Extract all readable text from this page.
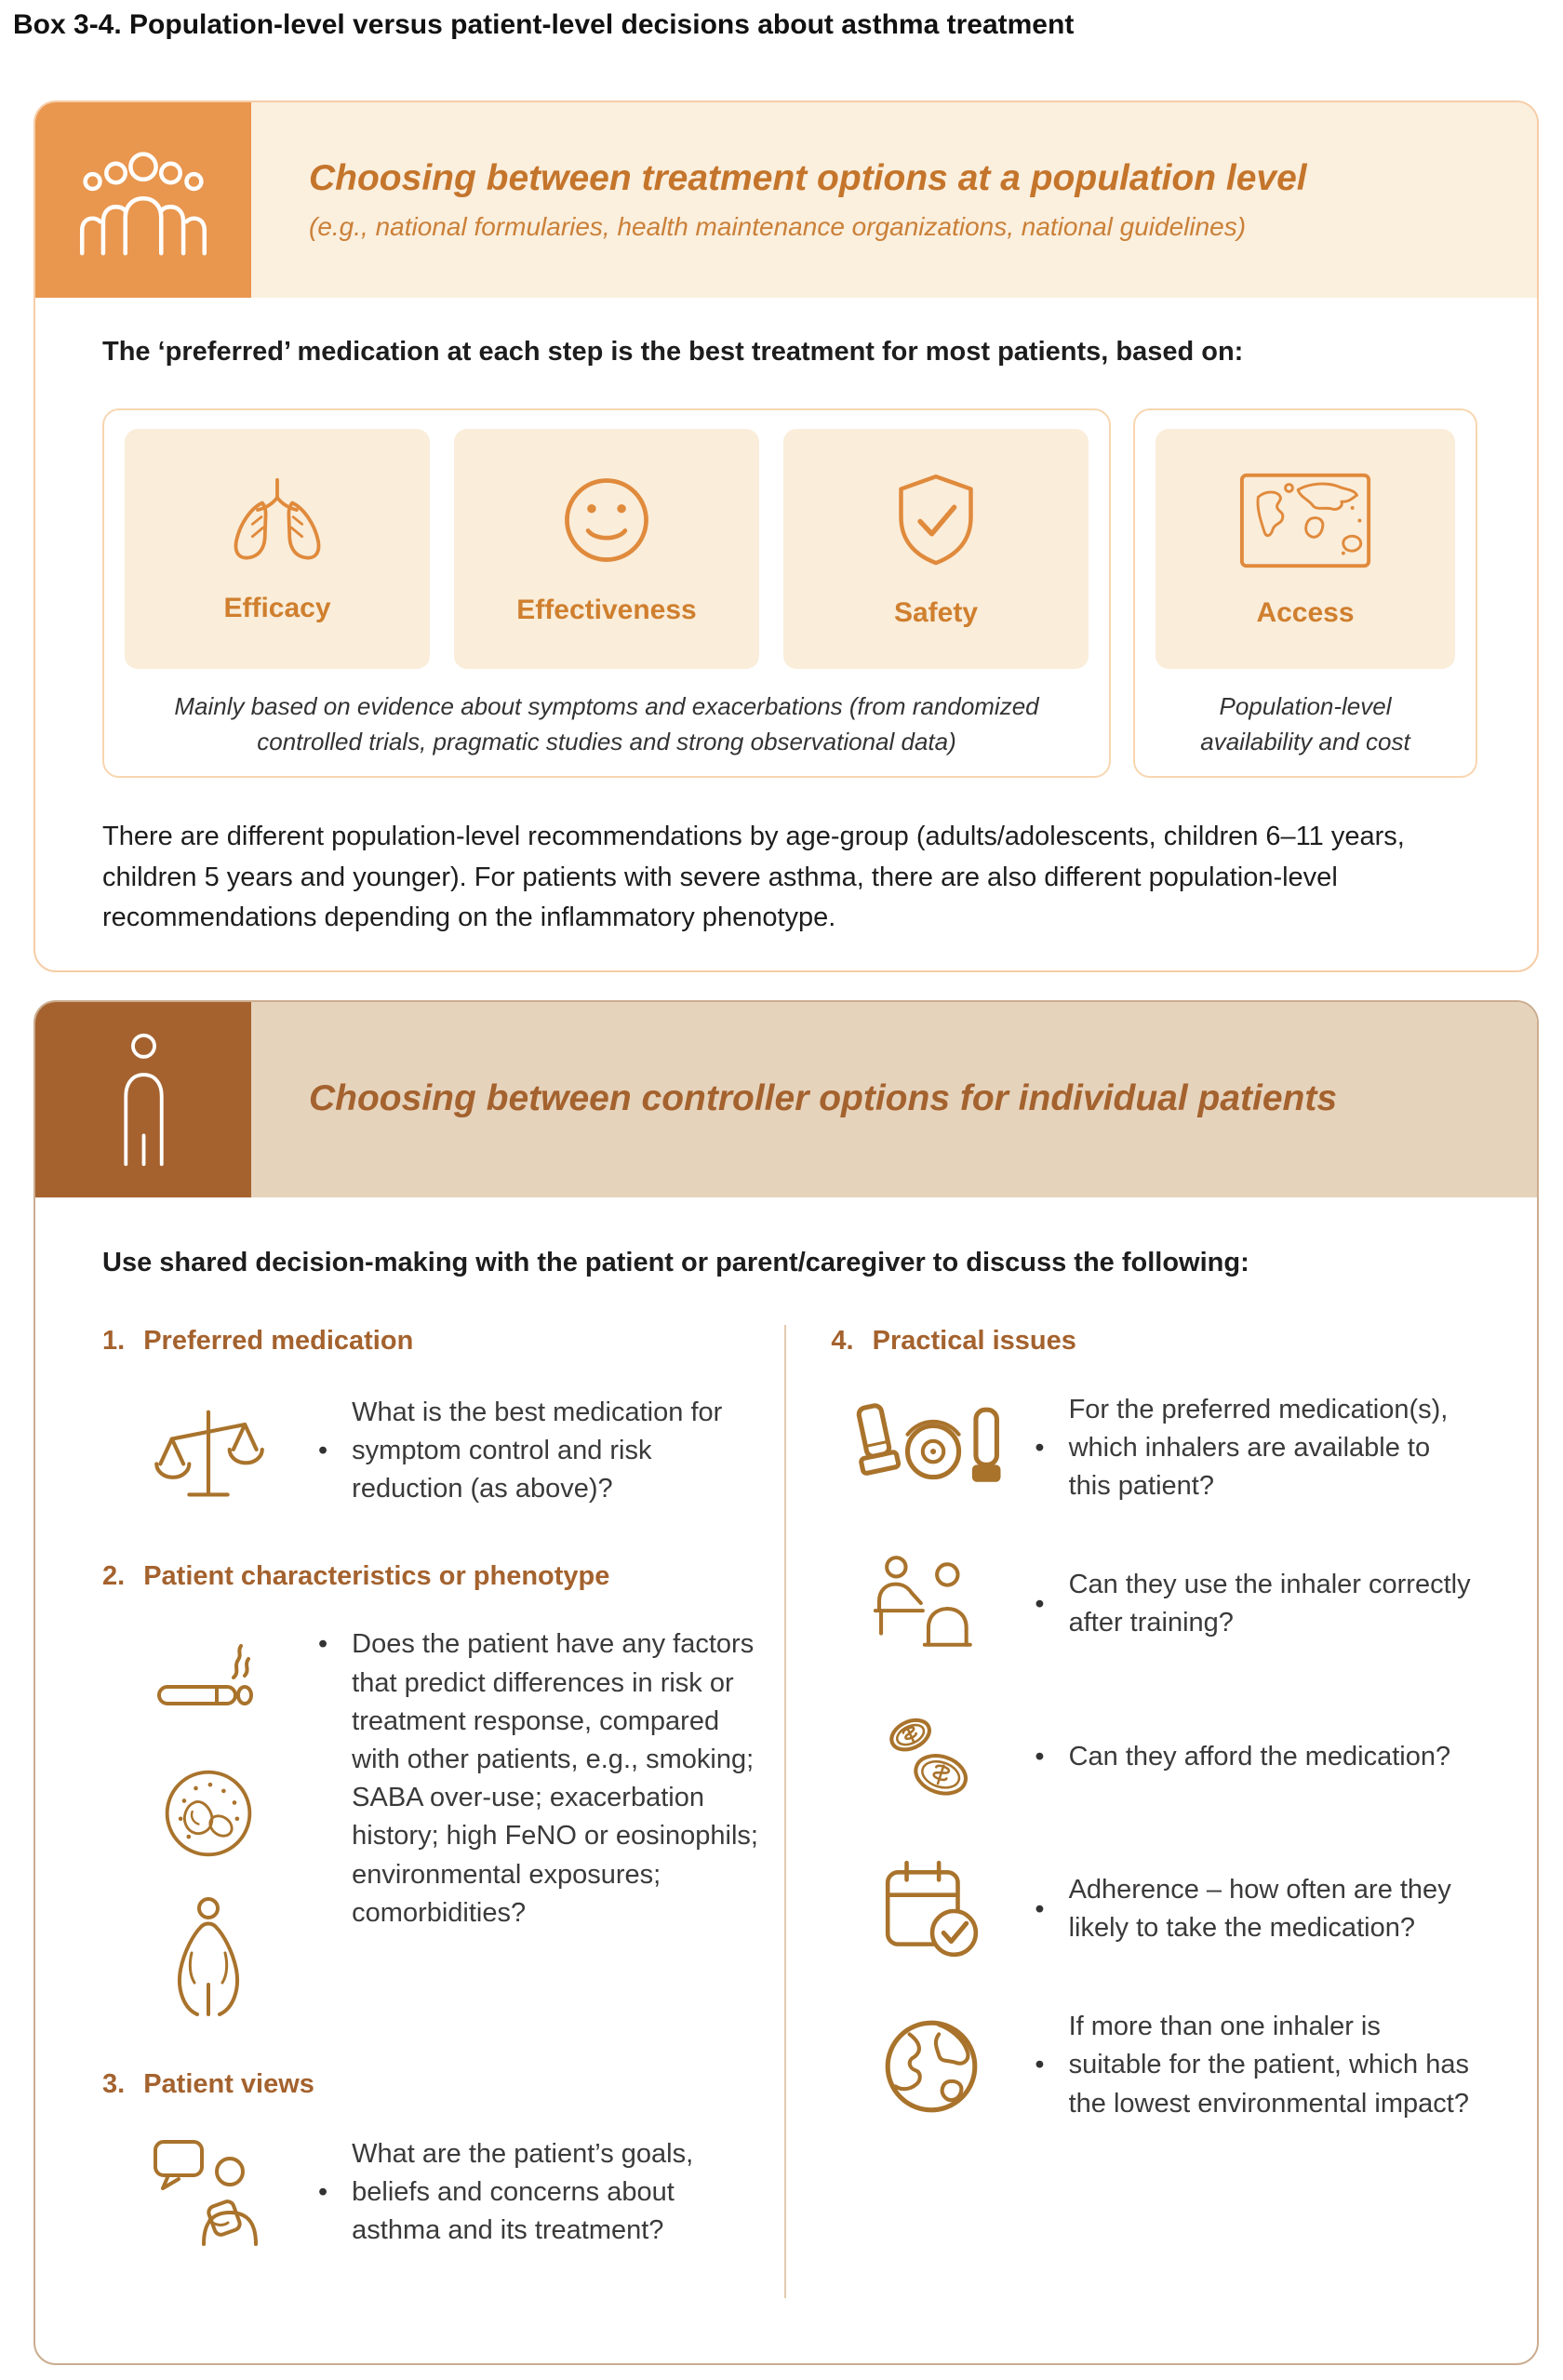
Box 3-4. Population-level versus patient-level decisions about asthma treatment
Choosing between treatment options at a population level
(e.g., national formularies, health maintenance organizations, national guidelines)
The ‘preferred’ medication at each step is the best treatment for most patients, based on:
Efficacy	Effectiveness	Safety
Mainly based on evidence about symptoms and exacerbations (from randomized controlled trials, pragmatic studies and strong observational data)
Access
Population-level availability and cost
There are different population-level recommendations by age-group (adults/adolescents, children 6–11 years, children 5 years and younger). For patients with severe asthma, there are also different population-level recommendations depending on the inflammatory phenotype.
Choosing between controller options for individual patients
Use shared decision-making with the patient or parent/caregiver to discuss the following:
1. Preferred medication
•
What is the best medication for symptom control and risk reduction (as above)?
2. Patient characteristics or phenotype
• Does the patient have any factors that predict differences in risk or treatment response, compared with other patients, e.g., smoking; SABA over-use; exacerbation history; high FeNO or eosinophils; environmental exposures; comorbidities?
3. Patient views
•
What are the patient’s goals, beliefs and concerns about asthma and its treatment?
4. Practical issues
•
For the preferred medication(s), which inhalers are available to this patient?
•
Can they use the inhaler correctly after training?
• Can they afford the medication?
•
Adherence – how often are they likely to take the medication?
•
If more than one inhaler is suitable for the patient, which has the lowest environmental impact?
